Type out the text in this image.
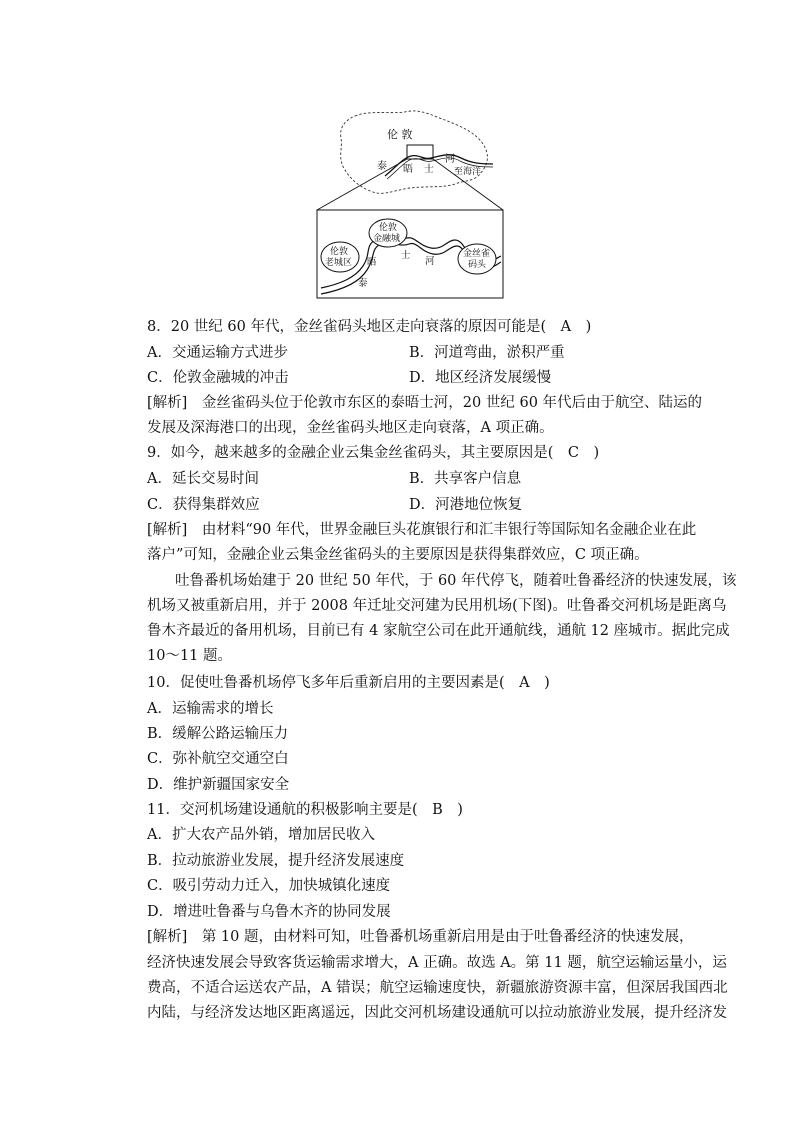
伦 敦
泰 晤 士
河
至海洋
伦敦
老城区
伦敦
金融城
金丝雀
码头
士
河
晤
泰
8．20 世纪 60 年代，金丝雀码头地区走向衰落的原因可能是(　A　)
A．交通运输方式进步	B．河道弯曲，淤积严重
C．伦敦金融城的冲击	D．地区经济发展缓慢
[解析]　金丝雀码头位于伦敦市东区的泰晤士河，20 世纪 60 年代后由于航空、陆运的
发展及深海港口的出现，金丝雀码头地区走向衰落，A 项正确。
9．如今，越来越多的金融企业云集金丝雀码头，其主要原因是(　C　)
A．延长交易时间	B．共享客户信息
C．获得集群效应	D．河港地位恢复
[解析]　由材料“90 年代，世界金融巨头花旗银行和汇丰银行等国际知名金融企业在此
落户”可知，金融企业云集金丝雀码头的主要原因是获得集群效应，C 项正确。
吐鲁番机场始建于 20 世纪 50 年代，于 60 年代停飞，随着吐鲁番经济的快速发展，该
机场又被重新启用，并于 2008 年迁址交河建为民用机场(下图)。吐鲁番交河机场是距离乌
鲁木齐最近的备用机场，目前已有 4 家航空公司在此开通航线，通航 12 座城市。据此完成
10～11 题。
10．促使吐鲁番机场停飞多年后重新启用的主要因素是(　A　)
A．运输需求的增长
B．缓解公路运输压力
C．弥补航空交通空白
D．维护新疆国家安全
11．交河机场建设通航的积极影响主要是(　B　)
A．扩大农产品外销，增加居民收入
B．拉动旅游业发展，提升经济发展速度
C．吸引劳动力迁入，加快城镇化速度
D．增进吐鲁番与乌鲁木齐的协同发展
[解析]　第 10 题，由材料可知，吐鲁番机场重新启用是由于吐鲁番经济的快速发展，
经济快速发展会导致客货运输需求增大，A 正确。故选 A。第 11 题，航空运输运量小，运
费高，不适合运送农产品，A 错误；航空运输速度快，新疆旅游资源丰富，但深居我国西北
内陆，与经济发达地区距离遥远，因此交河机场建设通航可以拉动旅游业发展，提升经济发
